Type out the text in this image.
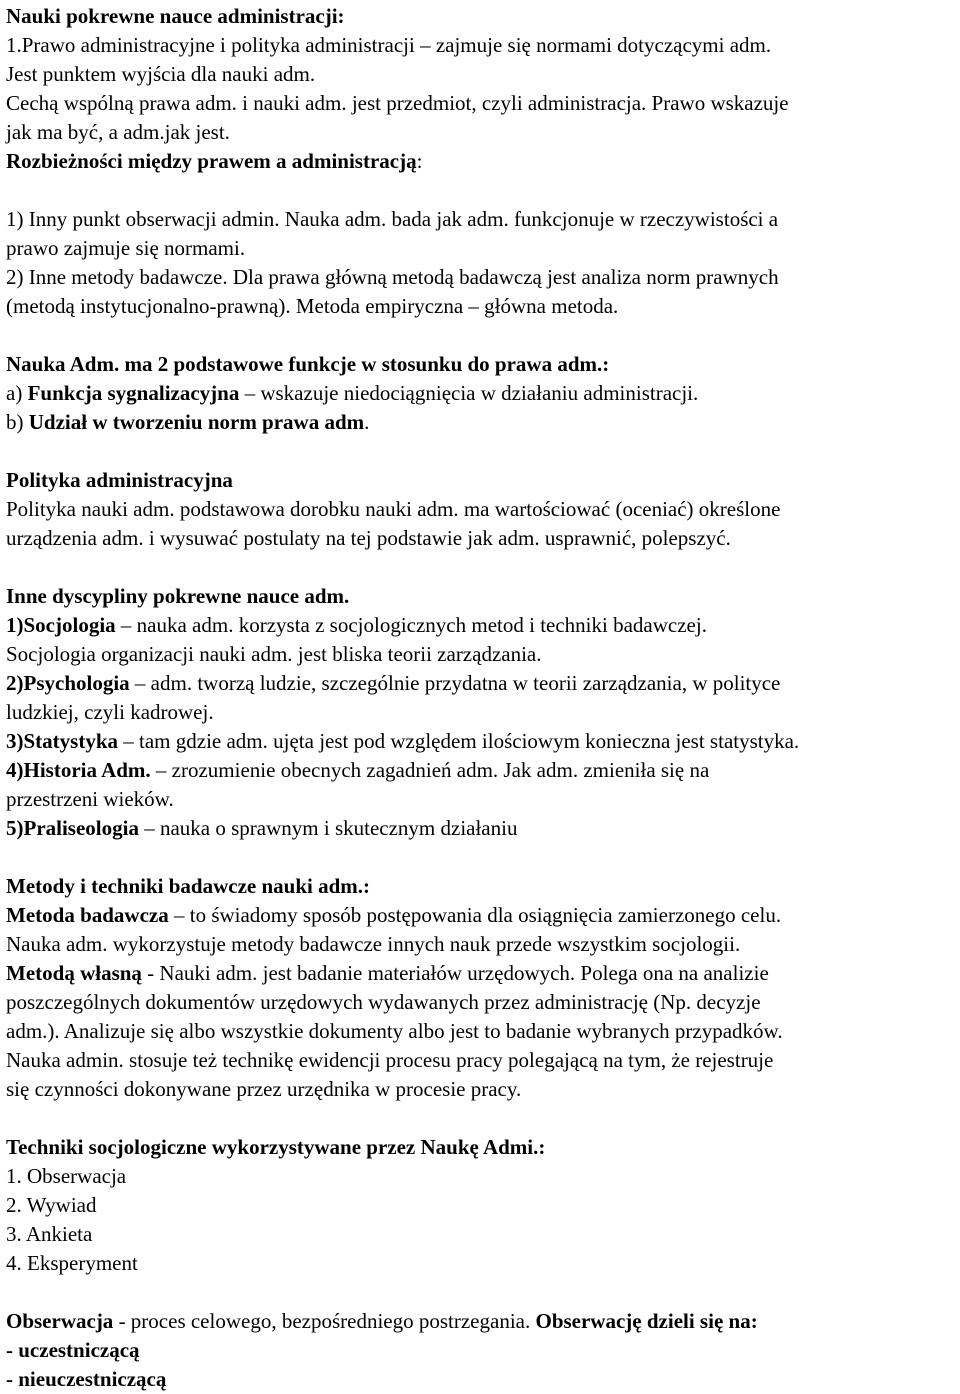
Nauki pokrewne nauce administracji:

1.Prawo administracyjne i polityka administracji – zajmuje się normami dotyczącymi adm.

Jest punktem wyjścia dla nauki adm.

Cechą wspólną prawa adm. i nauki adm. jest przedmiot, czyli administracja. Prawo wskazuje

jak ma być, a adm.jak jest.

Rozbieżności między prawem a administracją:

1) Inny punkt obserwacji admin. Nauka adm. bada jak adm. funkcjonuje w rzeczywistości a

prawo zajmuje się normami.

2) Inne metody badawcze. Dla prawa główną metodą badawczą jest analiza norm prawnych

(metodą instytucjonalno-prawną). Metoda empiryczna – główna metoda.

Nauka Adm. ma 2 podstawowe funkcje w stosunku do prawa adm.:

a) Funkcja sygnalizacyjna – wskazuje niedociągnięcia w działaniu administracji.

b) Udział w tworzeniu norm prawa adm.

Polityka administracyjna

Polityka nauki adm. podstawowa dorobku nauki adm. ma wartościować (oceniać) określone

urządzenia adm. i wysuwać postulaty na tej podstawie jak adm. usprawnić, polepszyć.

Inne dyscypliny pokrewne nauce adm.

1)Socjologia – nauka adm. korzysta z socjologicznych metod i techniki badawczej.

Socjologia organizacji nauki adm. jest bliska teorii zarządzania.

2)Psychologia – adm. tworzą ludzie, szczególnie przydatna w teorii zarządzania, w polityce

ludzkiej, czyli kadrowej.

3)Statystyka – tam gdzie adm. ujęta jest pod względem ilościowym konieczna jest statystyka.

4)Historia Adm. – zrozumienie obecnych zagadnień adm. Jak adm. zmieniła się na

przestrzeni wieków.

5)Praliseologia – nauka o sprawnym i skutecznym działaniu

Metody i techniki badawcze nauki adm.:

Metoda badawcza – to świadomy sposób postępowania dla osiągnięcia zamierzonego celu.

Nauka adm. wykorzystuje metody badawcze innych nauk przede wszystkim socjologii.

Metodą własną - Nauki adm. jest badanie materiałów urzędowych. Polega ona na analizie

poszczególnych dokumentów urzędowych wydawanych przez administrację (Np. decyzje

adm.). Analizuje się albo wszystkie dokumenty albo jest to badanie wybranych przypadków.

Nauka admin. stosuje też technikę ewidencji procesu pracy polegającą na tym, że rejestruje

się czynności dokonywane przez urzędnika w procesie pracy.

Techniki socjologiczne wykorzystywane przez Naukę Admi.:

1. Obserwacja

2. Wywiad

3. Ankieta

4. Eksperyment

Obserwacja - proces celowego, bezpośredniego postrzegania. Obserwację dzieli się na:

- uczestniczącą

- nieuczestniczącą
